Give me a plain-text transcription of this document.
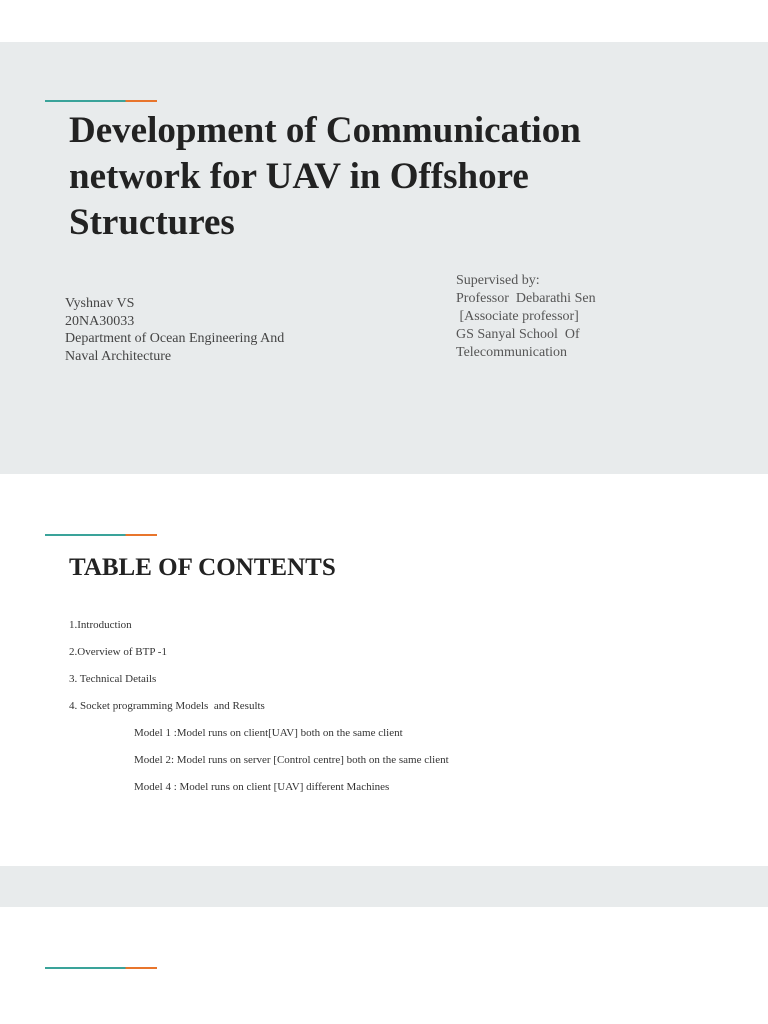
Development of Communication network for UAV in Offshore Structures
Vyshnav VS
20NA30033
Department of Ocean Engineering And
Naval Architecture
Supervised by:
Professor  Debarathi Sen
[Associate professor]
GS Sanyal School  Of
Telecommunication
TABLE OF CONTENTS
1.Introduction
2.Overview of BTP -1
3. Technical Details
4. Socket programming Models  and Results
Model 1 :Model runs on client[UAV] both on the same client
Model 2: Model runs on server [Control centre] both on the same client
Model 4 : Model runs on client [UAV] different Machines
